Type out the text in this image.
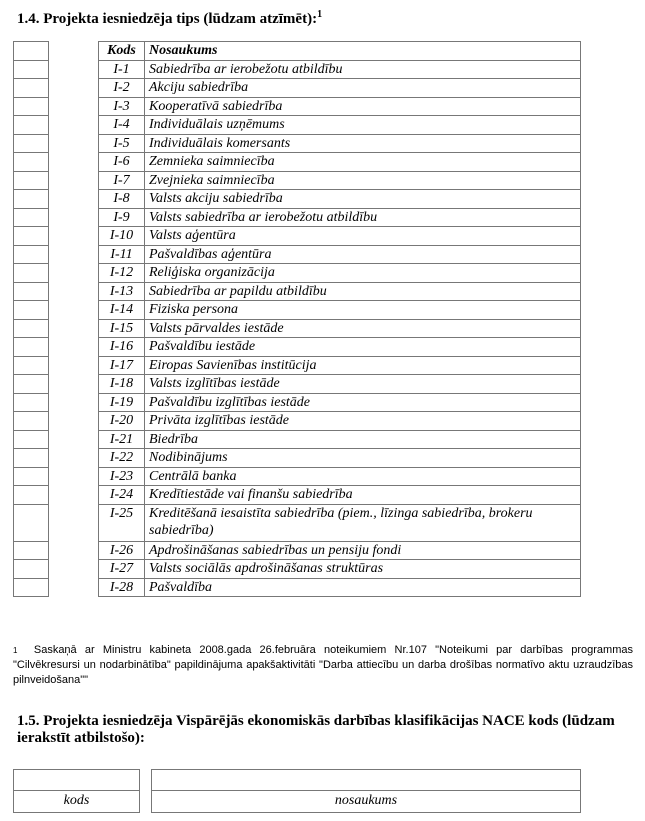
1.4. Projekta iesniedzēja tips (lūdzam atzīmēt):$^1$

Kods	Nosaukums
I-1	Sabiedrība ar ierobežotu atbildību
I-2	Akciju sabiedrība
I-3	Kooperatīvā sabiedrība
I-4	Individuālais uzņēmums
I-5	Individuālais komersants
I-6	Zemnieka saimniecība
I-7	Zvejnieka saimniecība
I-8	Valsts akciju sabiedrība
I-9	Valsts sabiedrība ar ierobežotu atbildību
I-10	Valsts aģentūra
I-11	Pašvaldības aģentūra
I-12	Reliģiska organizācija
I-13	Sabiedrība ar papildu atbildību
I-14	Fiziska persona
I-15	Valsts pārvaldes iestāde
I-16	Pašvaldību iestāde
I-17	Eiropas Savienības institūcija
I-18	Valsts izglītības iestāde
I-19	Pašvaldību izglītības iestāde
I-20	Privāta izglītības iestāde
I-21	Biedrība
I-22	Nodibinājums
I-23	Centrālā banka
I-24	Kredītiestāde vai finanšu sabiedrība
I-25	Kreditēšanā iesaistīta sabiedrība (piem., līzinga sabiedrība, brokeru sabiedrība)
I-26	Apdrošināšanas sabiedrības un pensiju fondi
I-27	Valsts sociālās apdrošināšanas struktūras
I-28	Pašvaldība
$^1$ Saskaņā ar Ministru kabineta 2008.gada 26.februāra noteikumiem Nr.107 "Noteikumi par darbības programmas "Cilvēkresursi un nodarbinātība" papildinājuma apakšaktivitāti "Darba attiecību un darba drošības normatīvo aktu uzraudzības pilnveidošana""
1.5. Projekta iesniedzēja Vispārējās ekonomiskās darbības klasifikācijas NACE kods (lūdzam ierakstīt atbilstošo):
kods	nosaukums
